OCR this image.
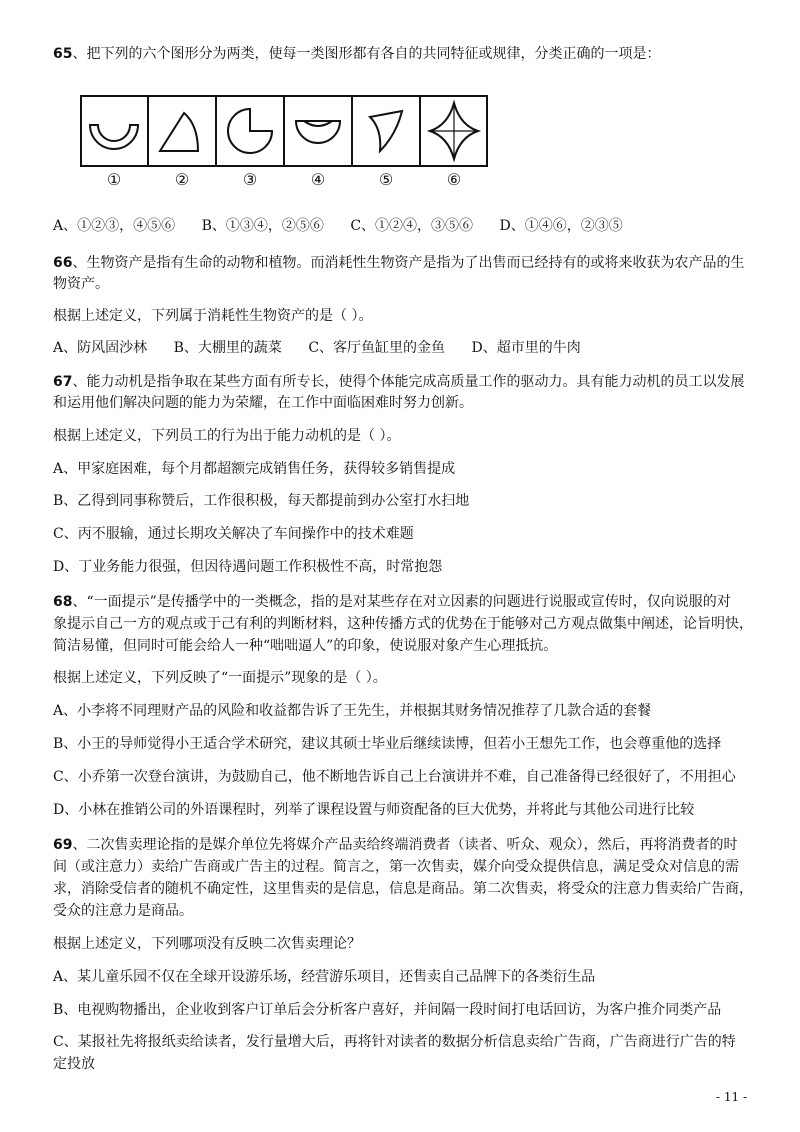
65、把下列的六个图形分为两类，使每一类图形都有各自的共同特征或规律，分类正确的一项是：
①	②	③	④	⑤	⑥
A、①②③，④⑤⑥ B、①③④，②⑤⑥ C、①②④，③⑤⑥ D、①④⑥，②③⑤
66、生物资产是指有生命的动物和植物。而消耗性生物资产是指为了出售而已经持有的或将来收获为农产品的生
物资产。
根据上述定义，下列属于消耗性生物资产的是（ ）。
A、防风固沙林 B、大棚里的蔬菜 C、客厅鱼缸里的金鱼 D、超市里的牛肉
67、能力动机是指争取在某些方面有所专长，使得个体能完成高质量工作的驱动力。具有能力动机的员工以发展
和运用他们解决问题的能力为荣耀，在工作中面临困难时努力创新。
根据上述定义，下列员工的行为出于能力动机的是（ ）。
A、甲家庭困难，每个月都超额完成销售任务，获得较多销售提成
B、乙得到同事称赞后，工作很积极，每天都提前到办公室打水扫地
C、丙不服输，通过长期攻关解决了车间操作中的技术难题
D、丁业务能力很强，但因待遇问题工作积极性不高，时常抱怨
68、“一面提示”是传播学中的一类概念，指的是对某些存在对立因素的问题进行说服或宣传时，仅向说服的对
象提示自己一方的观点或于己有利的判断材料，这种传播方式的优势在于能够对己方观点做集中阐述，论旨明快，
简洁易懂，但同时可能会给人一种“咄咄逼人”的印象，使说服对象产生心理抵抗。
根据上述定义，下列反映了“一面提示”现象的是（ ）。
A、小李将不同理财产品的风险和收益都告诉了王先生，并根据其财务情况推荐了几款合适的套餐
B、小王的导师觉得小王适合学术研究，建议其硕士毕业后继续读博，但若小王想先工作，也会尊重他的选择
C、小乔第一次登台演讲，为鼓励自己，他不断地告诉自己上台演讲并不难，自己准备得已经很好了，不用担心
D、小林在推销公司的外语课程时，列举了课程设置与师资配备的巨大优势，并将此与其他公司进行比较
69、二次售卖理论指的是媒介单位先将媒介产品卖给终端消费者（读者、听众、观众），然后，再将消费者的时
间（或注意力）卖给广告商或广告主的过程。简言之，第一次售卖，媒介向受众提供信息，满足受众对信息的需
求，消除受信者的随机不确定性，这里售卖的是信息，信息是商品。第二次售卖，将受众的注意力售卖给广告商，
受众的注意力是商品。
根据上述定义，下列哪项没有反映二次售卖理论？
A、某儿童乐园不仅在全球开设游乐场，经营游乐项目，还售卖自己品牌下的各类衍生品
B、电视购物播出，企业收到客户订单后会分析客户喜好，并间隔一段时间打电话回访，为客户推介同类产品
C、某报社先将报纸卖给读者，发行量增大后，再将针对读者的数据分析信息卖给广告商，广告商进行广告的特
定投放
- 11 -
